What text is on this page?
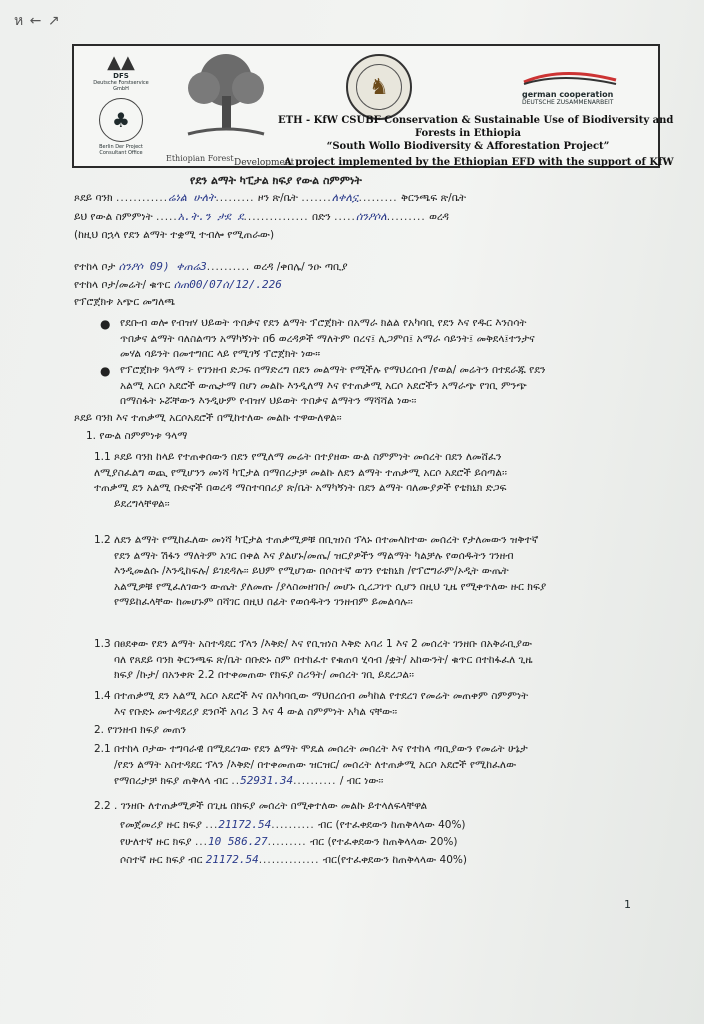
ห ← ↗
▲▲
DFS
Deutsche Forstservice GmbH
♣
Berlin Der Project Consultant Office
Ethiopian Forest
♞	german cooperation
DEUTSCHE ZUSAMMENARBEIT
ETH - KfW CSUBF Conservation & Sustainable Use of Biodiversity and
Forests in Ethiopia
“South Wollo Biodiversity & Afforestation Project”
Development
A project implemented by the Ethiopian EFD with the support of KfW
የደን ልማት ካፒታል ክፍያ የውል ስምምነት
ጾደይ ባንክ ............ሬነል ሁለት......... ዞን ጽ/ቤት .......ለቀለኗ......... ቅርንጫፍ ጽ/ቤት
ይህ የውል ስምምነት .....አ.ት.ን ታደ ደ............... በድን .....ሰንዖሶለ......... ወረዳ
(ከዚህ በኋላ የደን ልማት ተቋሚ ተብሎ የሚጠራው)
የተከላ ቦታ ሰንዖሶ 09) ቀጠሬ3.......... ወረዳ /ቀበሌ/ ንዑ ጣቢያ
የተከላ ቦታ/መሬት/ ቁጥር ሰጠ00/07ሰ/12/.226
የፕሮጀክቱ አጭር መግለጫ
● የደቡብ ወሎ የብዝሃ ህይወት ጥበቃና የደን ልማት ፕሮጀክት በአማራ ክልል የአካባቢ የደን እና የዱር እንስሳት
ጥበቃና ልማት ባለስልጣን አማካኝነት በ6 ወረዳዎች ማለትም በረና፤ ሊጋምበ፤ አማራ ሳይንት፤ መቅደላ፤ተንታና
መሃል ሳይንት በመተግበር ላይ የሚገኝ ፕሮጀክት ነው።
● የፕሮጀክቱ ዓላማ ፦ የገንዘብ ድጋፍ በማድረግ በደን መልማት የሚችሉ የማህረሰብ /የወል/ መሬትን በተደራጁ የደን
አልሚ አርሶ አደሮች ውጤታማ በሆነ መልኩ እንዲለማ እና የተጠቃሚ አርሶ አደሮችን አማራጭ የገቢ ምንጭ
በማስፋት ኑሯቸውን እንዲሁም የብዝሃ ህይወት ጥበቃና ልማትን ማሻሻል ነው፡፡
ጾደይ ባንክ እና ተጠቃሚ አርሶአደሮች በሚከተለው መልኩ ተዋውለዋል፡፡
1. የውል ስምምነቱ ዓላማ
1.1 ጾደይ ባንክ ከላይ የተጠቀሰውን በደን የሚለማ መሬት በተያዘው ውል ስምምነት መሰረት በደን ለመሸፈን
ለሚያስፈልግ ወጪ የሚሆንን መነሻ ካፒታል በማበረታቻ መልኩ ለደን ልማት ተጠቃሚ አርሶ አደሮች ይሰጣል፡፡
ተጠቃሚ ደን አልሚ ቡድኖች በወረዳ ማስተባበሪያ ጽ/ቤት አማካኝነት በደን ልማት ባለሙያዎች የቴክኒክ ድጋፍ
ይደረግላቸዋል፡፡
1.2 ለደን ልማት የሚከፈለው መነሻ ካፒታል ተጠቃሚዎቹ በቢዝነስ ፕላኑ በተመላከተው መሰረት የታለመውን ዝቅተኛ
የደን ልማት ሽፋን ማለትም አገር በቀል እና ያልሆኑ/መጤ/ ዝርያዎችን ማልማት ካልቻሉ የወሰዱትን ገንዘብ
እንዲመልሱ /እንዲከፍሉ/ ይገደዳሉ፡፡ ይህም የሚሆነው በሶስተኛ ወገን የቴክኒክ /የፕሮግራም/ኦዲት ውጤት
አልሚዎቹ የሚፈለገውን ውጤት ያለመጡ /ያላስመዘገቡ/ መሆኑ ሲረጋገጥ ሲሆን በዚህ ጊዜ የሚቀጥለው ዙር ክፍያ
የማይከፈላቸው ከመሆኑም በሻገር በዚህ በፊት የወሰዱትን ገንዘብም ይመልሳሉ፡፡
1.3 በፀደቀው የደን ልማት አስተዳደር ፕላን /እቅድ/ እና የቢዝነስ እቅድ አባሪ 1 እና 2 መሰረት ገንዘቡ በአቅራቢያው
ባለ የጸደይ ባንክ ቅርንጫፍ ጽ/ቤት በቡድኑ ስም በተከፈተ የቁጠባ ሂሳብ /ቋት/ አከውንት/ ቁጥር በተከፋፈለ ጊዜ
ክፍያ /ኩታ/ በአንቀጽ 2.2 በተቀመጠው የክፍያ ስሪዓት/ መሰረት ገቢ ይደረጋል፡፡
1.4 በተጠቃሚ ደን አልሚ አርሶ አደሮች እና በአካባቢው ማህበረሰብ መካከል የተደረገ የመሬት መጠቀም ስምምነት
እና የቡድኑ መተዳደሪያ ደንቦች አባሪ 3 እና 4 ውል ስምምነት አካል ናቸው፡፡
2. የገንዘብ ክፍያ መጠን
2.1 በተከላ ቦታው ተግባራዊ በሚደረገው የደን ልማት ሞዴል መሰረት መሰረት እና የተከላ ጣቢያውን የመሬት ሁኔታ
/የደን ልማት አስተዳደር ፕላን /እቅድ/ በተቀመጠው ዝርዝር/ መሰረት ለተጠቃሚ አርሶ አደሮች የሚከፈለው
የማበረታቻ ክፍያ ጠቅላላ ብር ..52931.34.......... / ብር ነው፡፡
2.2 . ገንዘቡ ለተጠቃሚዎች በጊዜ በክፍያ መሰረት በሚቀተለው መልኩ ይተላለፍላቸዋል
የመጀመሪያ ዙር ክፍያ ...21172.54.......... ብር (የተፈቀደውን ከጠቅላላው 40%)
የሁለተኛ ዙር ክፍያ ...10 586.27......... ብር (የተፈቀደውን ከጠቅላላው 20%)
ሶስተኛ ዙር ክፍያ ብር 21172.54.............. ብር(የተፈቀደውን ከጠቅላላው 40%)
1
